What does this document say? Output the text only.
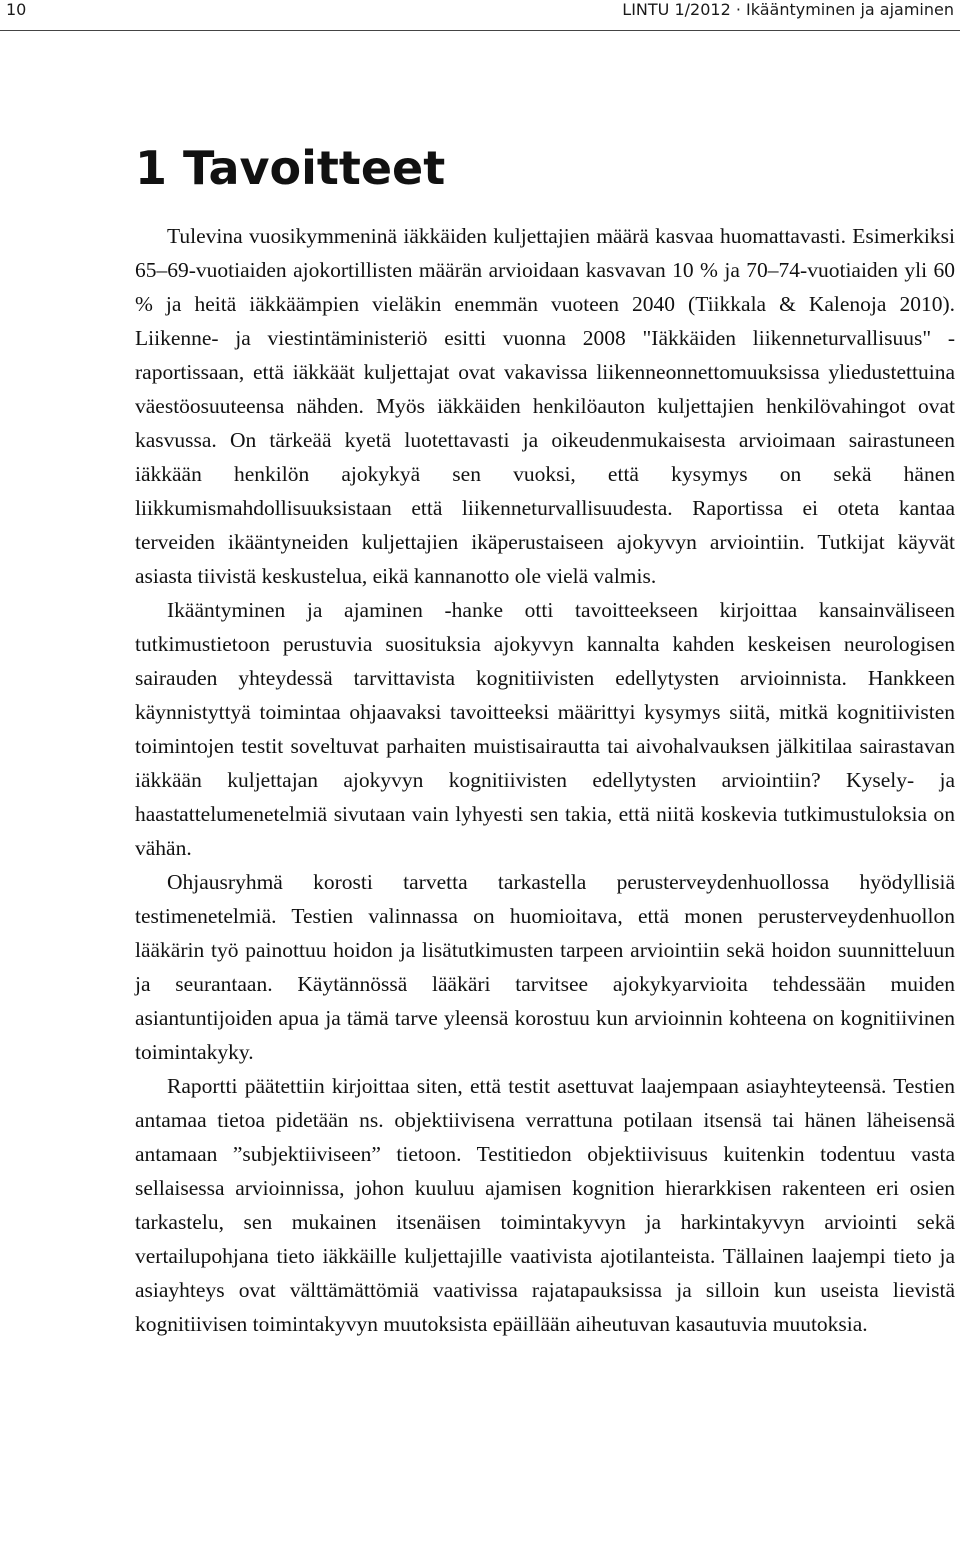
10	LINTU 1/2012 · Ikääntyminen ja ajaminen
1 Tavoitteet

Tulevina vuosikymmeninä iäkkäiden kuljettajien määrä kasvaa huomattavasti. Esimerkiksi 65–69-vuotiaiden ajokortillisten määrän arvioidaan kasvavan 10 % ja 70–74-vuotiaiden yli 60 % ja heitä iäkkäämpien vieläkin enemmän vuoteen 2040 (Tiikkala & Kalenoja 2010). Liikenne- ja viestintäministeriö esitti vuonna 2008 "Iäkkäiden liikenneturvallisuus" -raportissaan, että iäkkäät kuljettajat ovat vakavissa liikenneonnettomuuksissa yliedustettuina väestöosuuteensa nähden. Myös iäkkäiden henkilöauton kuljettajien henkilövahingot ovat kasvussa. On tärkeää kyetä luotettavasti ja oikeudenmukaisesta arvioimaan sairastuneen iäkkään henkilön ajokykyä sen vuoksi, että kysymys on sekä hänen liikkumismahdollisuuksistaan että liikenneturvallisuudesta. Raportissa ei oteta kantaa terveiden ikääntyneiden kuljettajien ikäperustaiseen ajokyvyn arviointiin. Tutkijat käyvät asiasta tiivistä keskustelua, eikä kannanotto ole vielä valmis.

Ikääntyminen ja ajaminen -hanke otti tavoitteekseen kirjoittaa kansainväliseen tutkimustietoon perustuvia suosituksia ajokyvyn kannalta kahden keskeisen neurologisen sairauden yhteydessä tarvittavista kognitiivisten edellytysten arvioinnista. Hankkeen käynnistyttyä toimintaa ohjaavaksi tavoitteeksi määrittyi kysymys siitä, mitkä kognitiivisten toimintojen testit soveltuvat parhaiten muistisairautta tai aivohalvauksen jälkitilaa sairastavan iäkkään kuljettajan ajokyvyn kognitiivisten edellytysten arviointiin? Kysely- ja haastattelumenetelmiä sivutaan vain lyhyesti sen takia, että niitä koskevia tutkimustuloksia on vähän.

Ohjausryhmä korosti tarvetta tarkastella perusterveydenhuollossa hyödyllisiä testimenetelmiä. Testien valinnassa on huomioitava, että monen perusterveydenhuollon lääkärin työ painottuu hoidon ja lisätutkimusten tarpeen arviointiin sekä hoidon suunnitteluun ja seurantaan. Käytännössä lääkäri tarvitsee ajokykyarvioita tehdessään muiden asiantuntijoiden apua ja tämä tarve yleensä korostuu kun arvioinnin kohteena on kognitiivinen toimintakyky.

Raportti päätettiin kirjoittaa siten, että testit asettuvat laajempaan asiayhteyteensä. Testien antamaa tietoa pidetään ns. objektiivisena verrattuna potilaan itsensä tai hänen läheisensä antamaan ”subjektiiviseen” tietoon. Testitiedon objektiivisuus kuitenkin todentuu vasta sellaisessa arvioinnissa, johon kuuluu ajamisen kognition hierarkkisen rakenteen eri osien tarkastelu, sen mukainen itsenäisen toimintakyvyn ja harkintakyvyn arviointi sekä vertailupohjana tieto iäkkäille kuljettajille vaativista ajotilanteista. Tällainen laajempi tieto ja asiayhteys ovat välttämättömiä vaativissa rajatapauksissa ja silloin kun useista lievistä kognitiivisen toimintakyvyn muutoksista epäillään aiheutuvan kasautuvia muutoksia.
